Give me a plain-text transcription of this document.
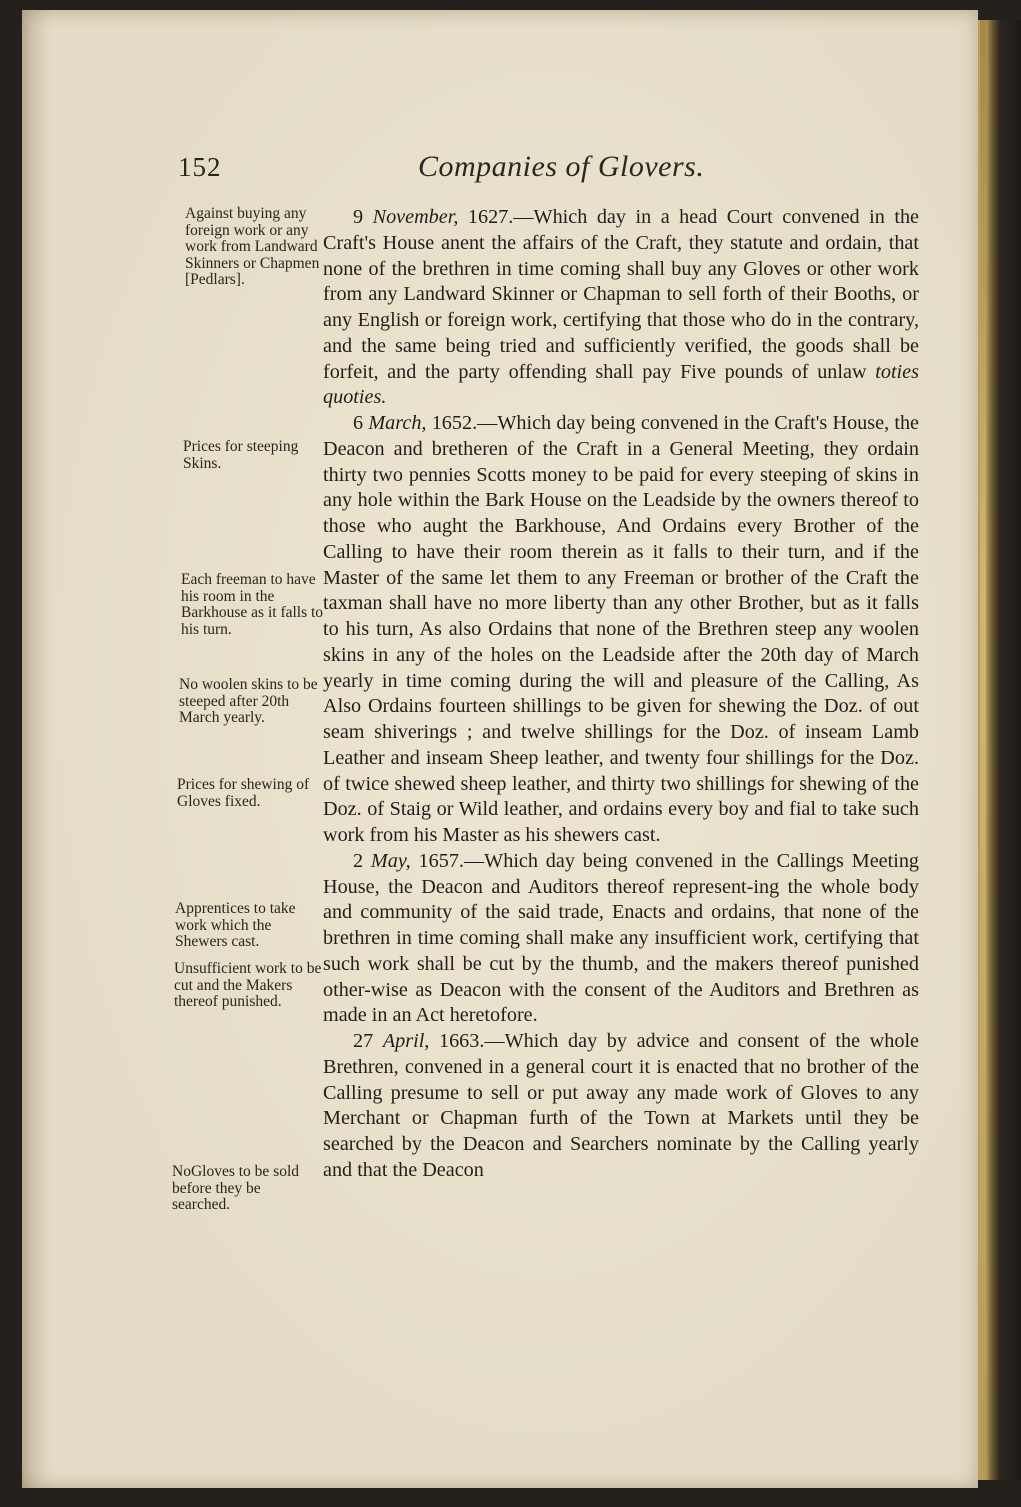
152	Companies of Glovers.
Against buying any foreign work or any work from Landward Skinners or Chapmen [Pedlars].
Prices for steeping Skins.
Each freeman to have his room in the Barkhouse as it falls to his turn.
No woolen skins to be steeped after 20th March yearly.
Prices for shewing of Gloves fixed.
Apprentices to take work which the Shewers cast.
Unsufficient work to be cut and the Makers thereof punished.
NoGloves to be sold before they be searched.

9 November, 1627.—Which day in a head Court convened in the Craft's House anent the affairs of the Craft, they statute and ordain, that none of the brethren in time coming shall buy any Gloves or other work from any Landward Skinner or Chapman to sell forth of their Booths, or any English or foreign work, certifying that those who do in the contrary, and the same being tried and sufficiently verified, the goods shall be forfeit, and the party offending shall pay Five pounds of unlaw toties quoties.

6 March, 1652.—Which day being convened in the Craft's House, the Deacon and bretheren of the Craft in a General Meeting, they ordain thirty two pennies Scotts money to be paid for every steeping of skins in any hole within the Bark House on the Leadside by the owners thereof to those who aught the Barkhouse, And Ordains every Brother of the Calling to have their room therein as it falls to their turn, and if the Master of the same let them to any Freeman or brother of the Craft the taxman shall have no more liberty than any other Brother, but as it falls to his turn, As also Ordains that none of the Brethren steep any woolen skins in any of the holes on the Leadside after the 20th day of March yearly in time coming during the will and pleasure of the Calling, As Also Ordains fourteen shillings to be given for shewing the Doz. of out seam shiverings ; and twelve shillings for the Doz. of inseam Lamb Leather and inseam Sheep leather, and twenty four shillings for the Doz. of twice shewed sheep leather, and thirty two shillings for shewing of the Doz. of Staig or Wild leather, and ordains every boy and fial to take such work from his Master as his shewers cast.

2 May, 1657.—Which day being convened in the Callings Meeting House, the Deacon and Auditors thereof represent-ing the whole body and community of the said trade, Enacts and ordains, that none of the brethren in time coming shall make any insufficient work, certifying that such work shall be cut by the thumb, and the makers thereof punished other-wise as Deacon with the consent of the Auditors and Brethren as made in an Act heretofore.

27 April, 1663.—Which day by advice and consent of the whole Brethren, convened in a general court it is enacted that no brother of the Calling presume to sell or put away any made work of Gloves to any Merchant or Chapman furth of the Town at Markets until they be searched by the Deacon and Searchers nominate by the Calling yearly and that the Deacon
